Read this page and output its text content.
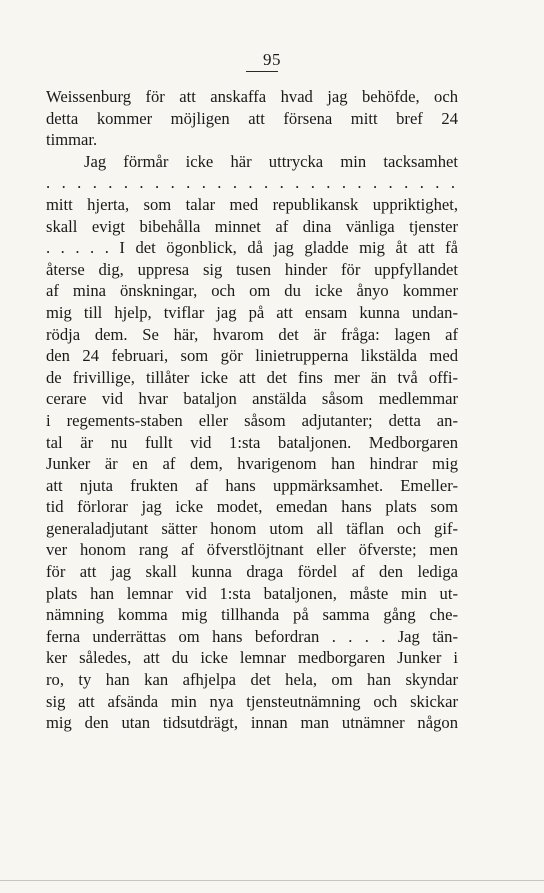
95
Weissenburg för att anskaffa hvad jag behöfde, och
detta kommer möjligen att försena mitt bref 24
timmar.
Jag förmår icke här uttrycka min tacksamhet
. . . . . . . . . . . . . . . . . . . . . . . . . . .
mitt hjerta, som talar med republikansk uppriktighet,
skall evigt bibehålla minnet af dina vänliga tjenster
. . . . . I det ögonblick, då jag gladde mig åt att få
återse dig, uppresa sig tusen hinder för uppfyllandet
af mina önskningar, och om du icke ånyo kommer
mig till hjelp, tviflar jag på att ensam kunna undan-
rödja dem. Se här, hvarom det är fråga: lagen af
den 24 februari, som gör linietrupperna likstälda med
de frivillige, tillåter icke att det fins mer än två offi-
cerare vid hvar bataljon anstälda såsom medlemmar
i regements-staben eller såsom adjutanter; detta an-
tal är nu fullt vid 1:sta bataljonen. Medborgaren
Junker är en af dem, hvarigenom han hindrar mig
att njuta frukten af hans uppmärksamhet. Emeller-
tid förlorar jag icke modet, emedan hans plats som
generaladjutant sätter honom utom all täflan och gif-
ver honom rang af öfverstlöjtnant eller öfverste; men
för att jag skall kunna draga fördel af den lediga
plats han lemnar vid 1:sta bataljonen, måste min ut-
nämning komma mig tillhanda på samma gång che-
ferna underrättas om hans befordran . . . . Jag tän-
ker således, att du icke lemnar medborgaren Junker i
ro, ty han kan afhjelpa det hela, om han skyndar
sig att afsända min nya tjensteutnämning och skickar
mig den utan tidsutdrägt, innan man utnämner någon
